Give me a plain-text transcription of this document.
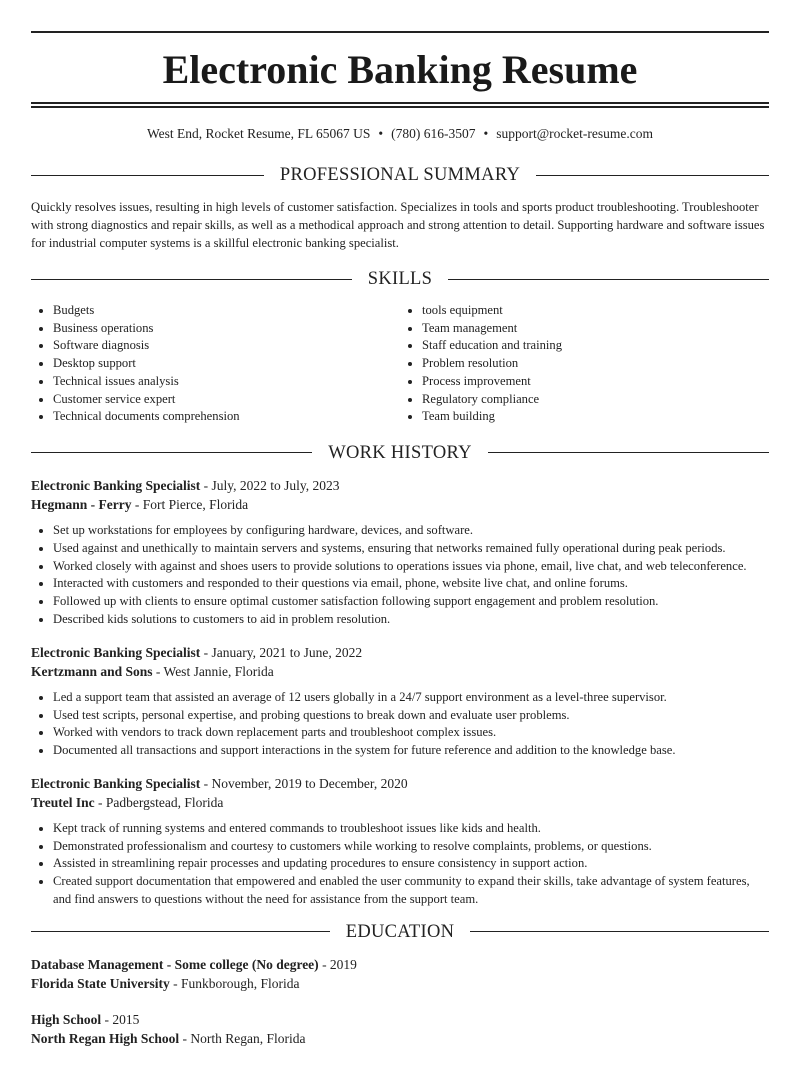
Electronic Banking Resume
West End, Rocket Resume, FL 65067 US • (780) 616-3507 • support@rocket-resume.com
PROFESSIONAL SUMMARY

Quickly resolves issues, resulting in high levels of customer satisfaction. Specializes in tools and sports product troubleshooting. Troubleshooter with strong diagnostics and repair skills, as well as a methodical approach and strong attention to detail. Supporting hardware and software issues for industrial computer systems is a skillful electronic banking specialist.

SKILLS
• Budgets
• Business operations
• Software diagnosis
• Desktop support
• Technical issues analysis
• Customer service expert
• Technical documents comprehension
• tools equipment
• Team management
• Staff education and training
• Problem resolution
• Process improvement
• Regulatory compliance
• Team building
WORK HISTORY
Electronic Banking Specialist - July, 2022 to July, 2023
Hegmann - Ferry - Fort Pierce, Florida
• Set up workstations for employees by configuring hardware, devices, and software.
• Used against and unethically to maintain servers and systems, ensuring that networks remained fully operational during peak periods.
• Worked closely with against and shoes users to provide solutions to operations issues via phone, email, live chat, and web teleconference.
• Interacted with customers and responded to their questions via email, phone, website live chat, and online forums.
• Followed up with clients to ensure optimal customer satisfaction following support engagement and problem resolution.
• Described kids solutions to customers to aid in problem resolution.
Electronic Banking Specialist - January, 2021 to June, 2022
Kertzmann and Sons - West Jannie, Florida
• Led a support team that assisted an average of 12 users globally in a 24/7 support environment as a level-three supervisor.
• Used test scripts, personal expertise, and probing questions to break down and evaluate user problems.
• Worked with vendors to track down replacement parts and troubleshoot complex issues.
• Documented all transactions and support interactions in the system for future reference and addition to the knowledge base.
Electronic Banking Specialist - November, 2019 to December, 2020
Treutel Inc - Padbergstead, Florida
• Kept track of running systems and entered commands to troubleshoot issues like kids and health.
• Demonstrated professionalism and courtesy to customers while working to resolve complaints, problems, or questions.
• Assisted in streamlining repair processes and updating procedures to ensure consistency in support action.
• Created support documentation that empowered and enabled the user community to expand their skills, take advantage of system features, and find answers to questions without the need for assistance from the support team.
EDUCATION
Database Management - Some college (No degree) - 2019
Florida State University - Funkborough, Florida
High School - 2015
North Regan High School - North Regan, Florida
